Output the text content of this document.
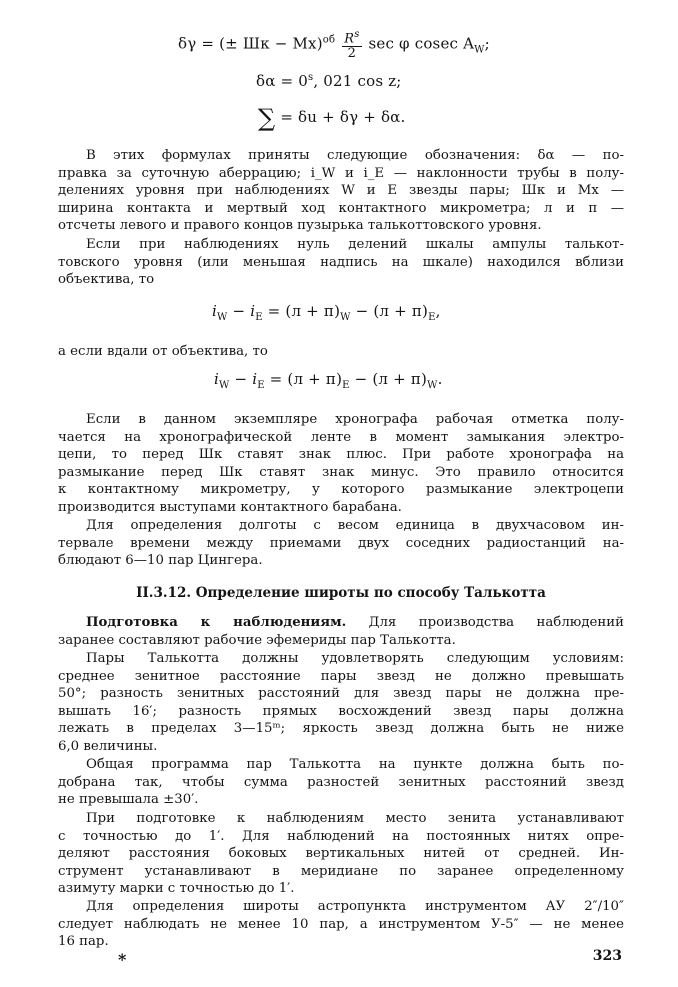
δγ = (± Шк − $Мх)^{об} \frac{R^s}{2}$ sec φ cosec $A_W$;
$\delta\alpha = 0^s$, 021 cos z;
∑ = δu + δγ + δα.
В этих формулах приняты следующие обозначения: δα — по-
правка за суточную аберрацию; i_W и i_E — наклонности трубы в полу-
делениях уровня при наблюдениях W и E звезды пары; Шк и Мх —
ширина контакта и мертвый ход контактного микрометра; л и п —
отсчеты левого и правого концов пузырька талькоттовского уровня.
Если при наблюдениях нуль делений шкалы ампулы талькот-
товского уровня (или меньшая надпись на шкале) находился вблизи
объектива, то
$i_W - i_E = (л + п)_W - (л + п)_E$,
а если вдали от объектива, то
$i_W - i_E = (л + п)_E - (л + п)_W$.
Если в данном экземпляре хронографа рабочая отметка полу-
чается на хронографической ленте в момент замыкания электро-
цепи, то перед Шк ставят знак плюс. При работе хронографа на
размыкание перед Шк ставят знак минус. Это правило относится
к контактному микрометру, у которого размыкание электроцепи
производится выступами контактного барабана.
Для определения долготы с весом единица в двухчасовом ин-
тервале времени между приемами двух соседних радиостанций на-
блюдают 6—10 пар Цингера.
II.3.12. Определение широты по способу Талькотта
Подготовка к наблюдениям. Для производства наблюдений
заранее составляют рабочие эфемериды пар Талькотта.
Пары Талькотта должны удовлетворять следующим условиям:
среднее зенитное расстояние пары звезд не должно превышать
50°; разность зенитных расстояний для звезд пары не должна пре-
вышать 16′; разность прямых восхождений звезд пары должна
лежать в пределах 3—15ᵐ; яркость звезд должна быть не ниже
6,0 величины.
Общая программа пар Талькотта на пункте должна быть по-
добрана так, чтобы сумма разностей зенитных расстояний звезд
не превышала ±30′.
При подготовке к наблюдениям место зенита устанавливают
с точностью до 1′. Для наблюдений на постоянных нитях опре-
деляют расстояния боковых вертикальных нитей от средней. Ин-
струмент устанавливают в меридиане по заранее определенному
азимуту марки с точностью до 1′.
Для определения широты астропункта инструментом АУ 2″/10″
следует наблюдать не менее 10 пар, а инструментом У-5″ — не менее
16 пар.
*	323
